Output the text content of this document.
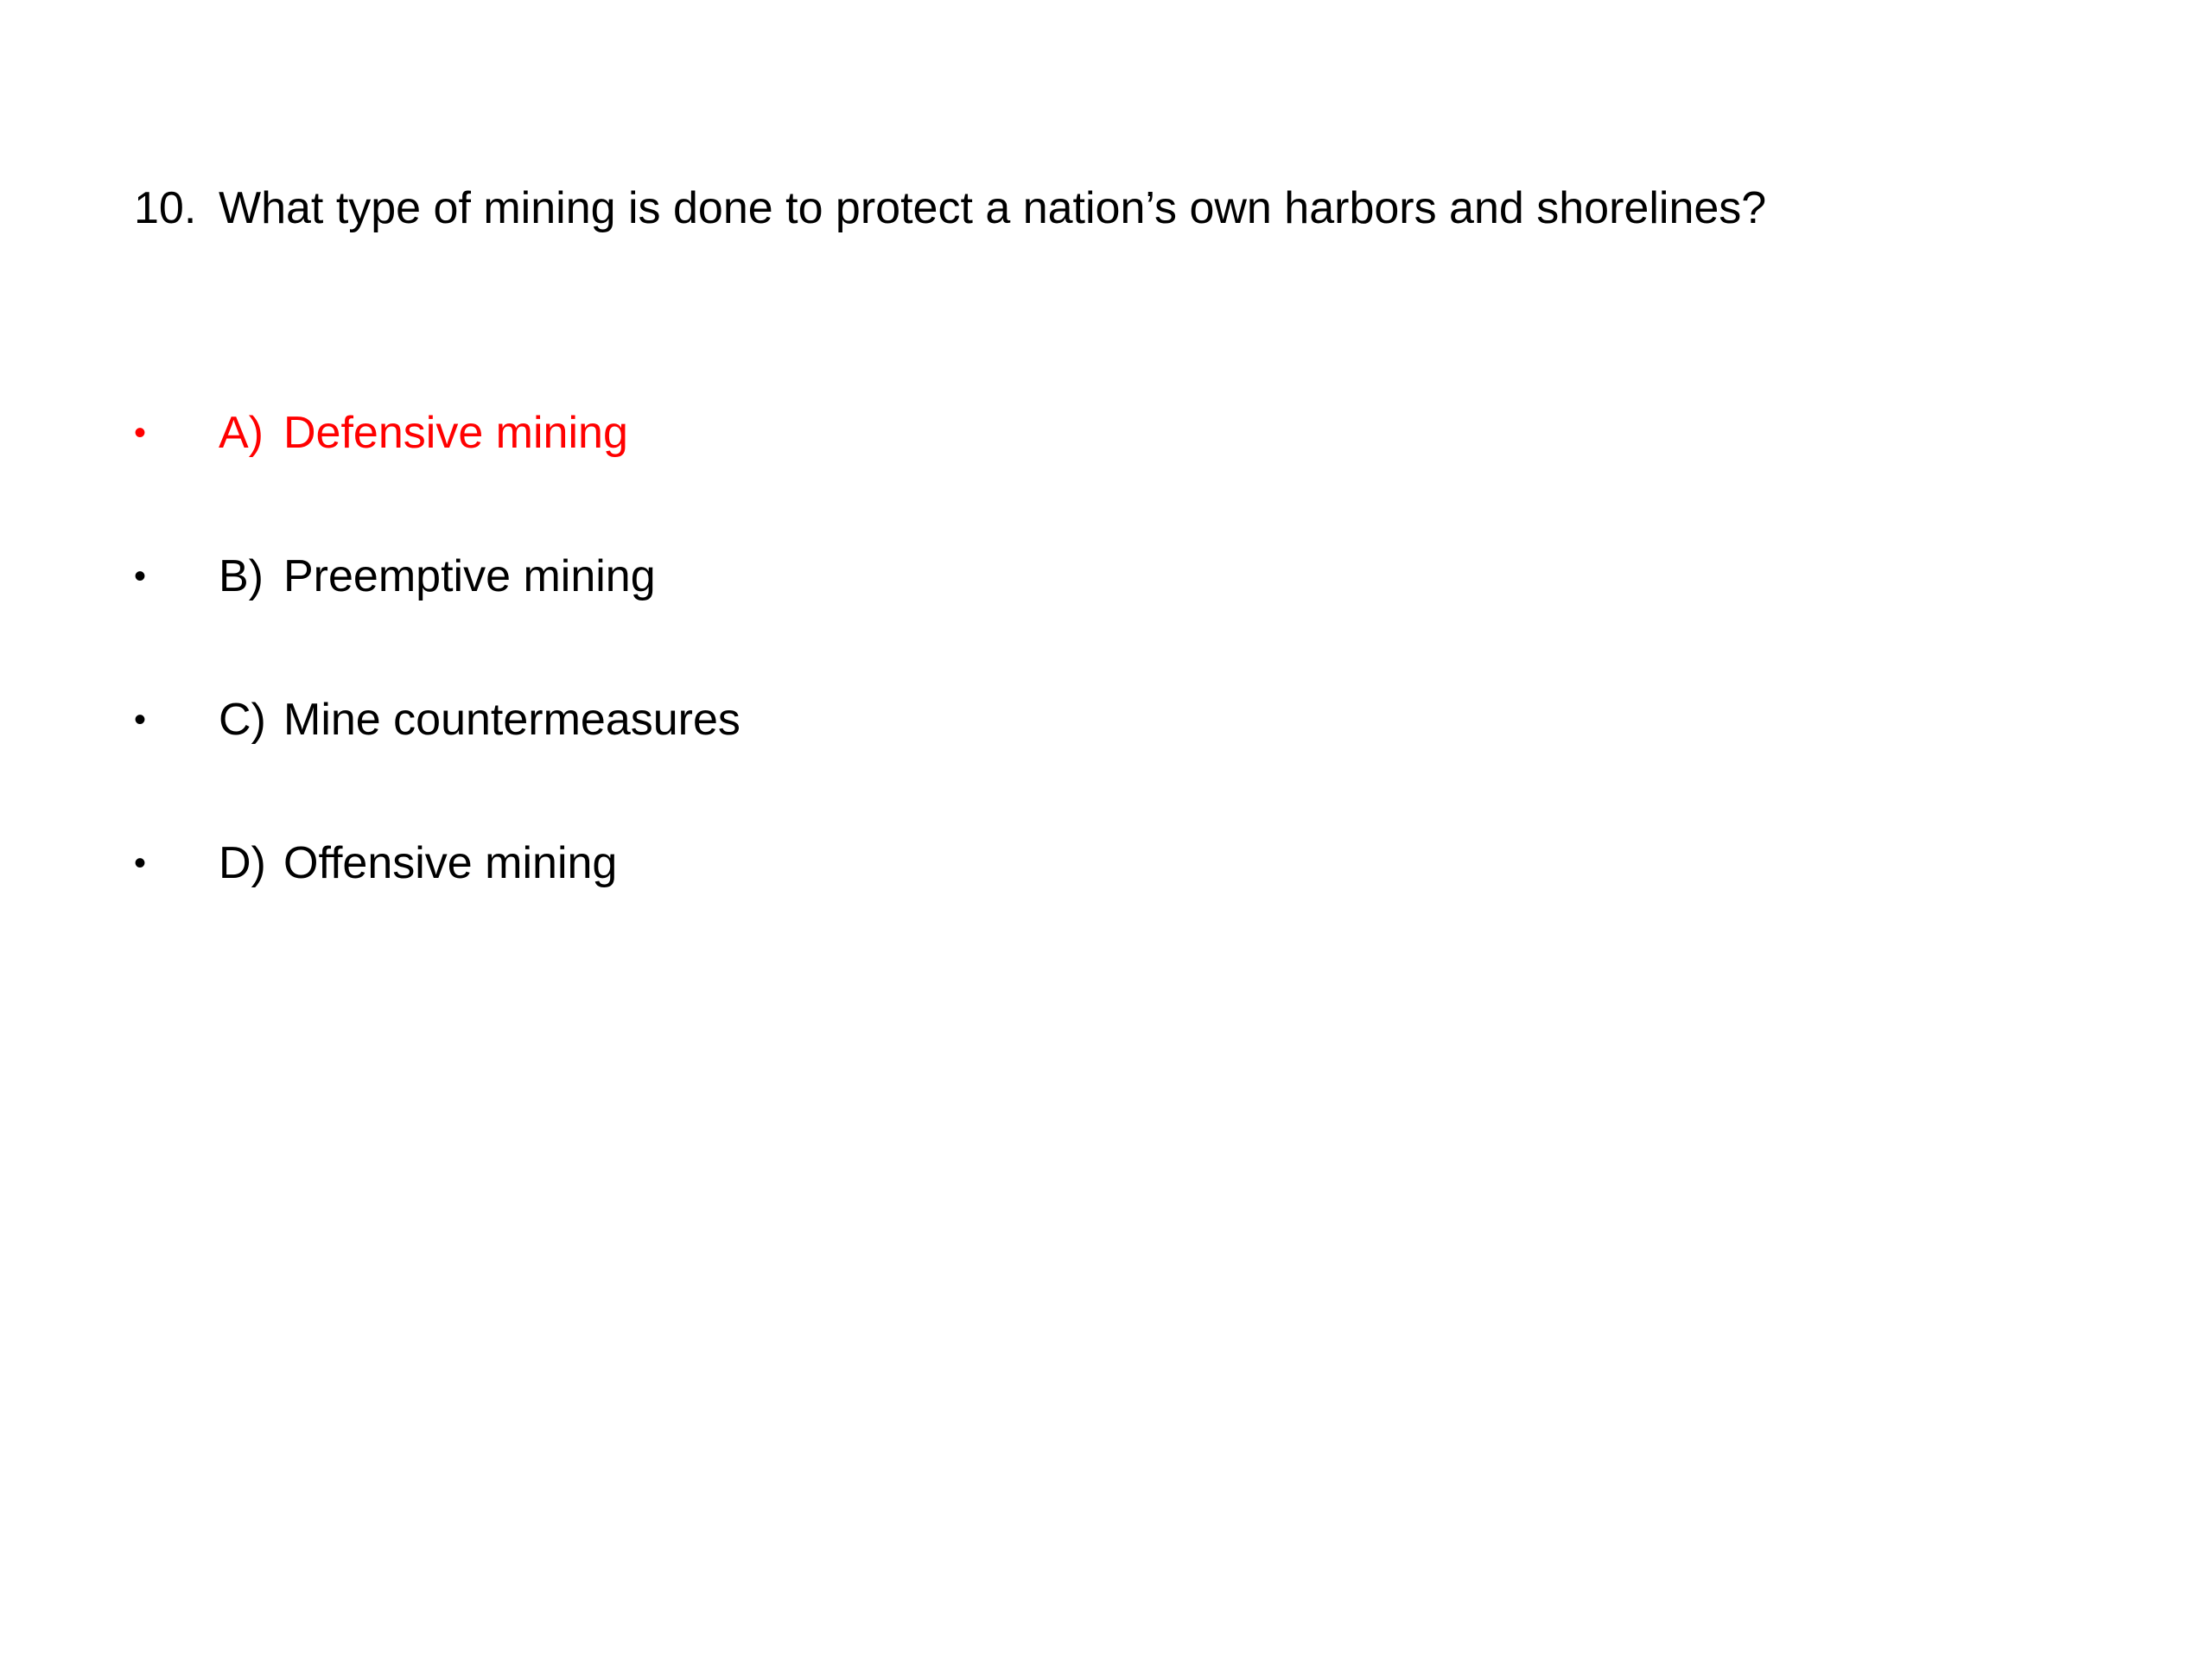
10. What type of mining is done to protect a nation’s own harbors and shorelines?
•	A) Defensive mining
•	B) Preemptive mining
•	C) Mine countermeasures
•	D) Offensive mining
